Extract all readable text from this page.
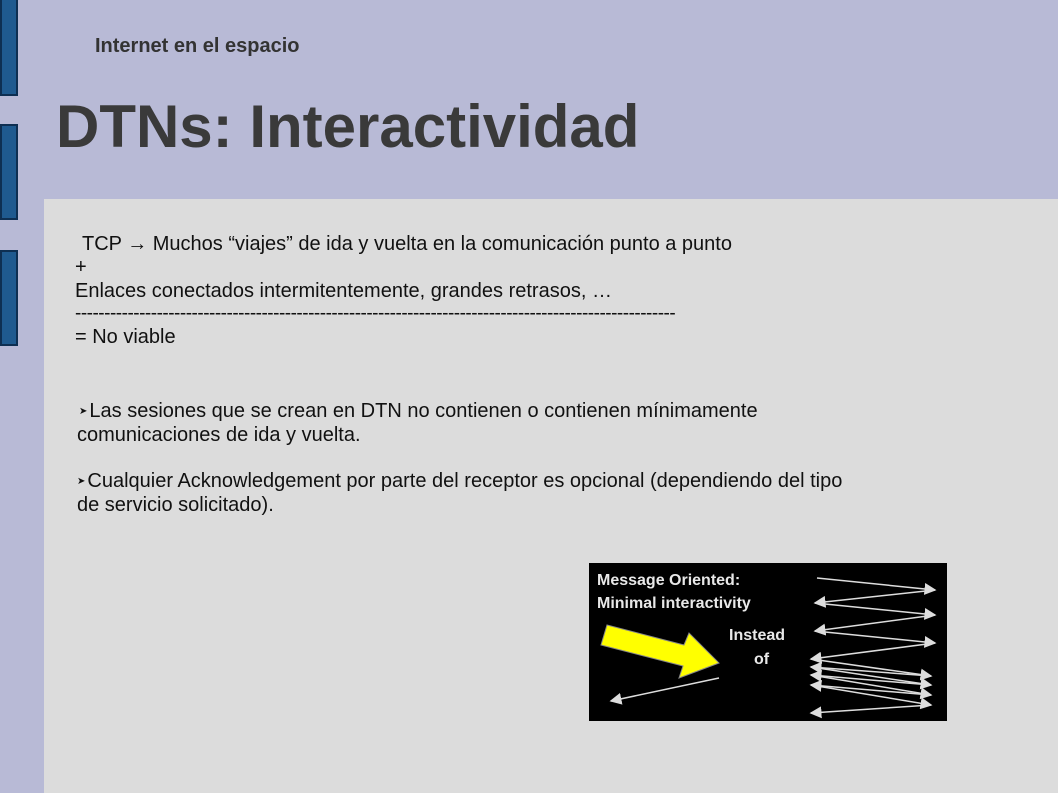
Internet en el espacio
DTNs: Interactividad
TCP → Muchos “viajes” de ida y vuelta en la comunicación punto a punto
+
Enlaces conectados intermitentemente, grandes retrasos, …
-------------------------------------------------------------------------------------------------------
= No viable
➤ Las sesiones que se crean en DTN no contienen o contienen mínimamente
comunicaciones de ida y vuelta.
➤ Cualquier Acknowledgement por parte del receptor es opcional (dependiendo del tipo
de servicio solicitado).
Message Oriented:
Minimal interactivity
Instead
of
